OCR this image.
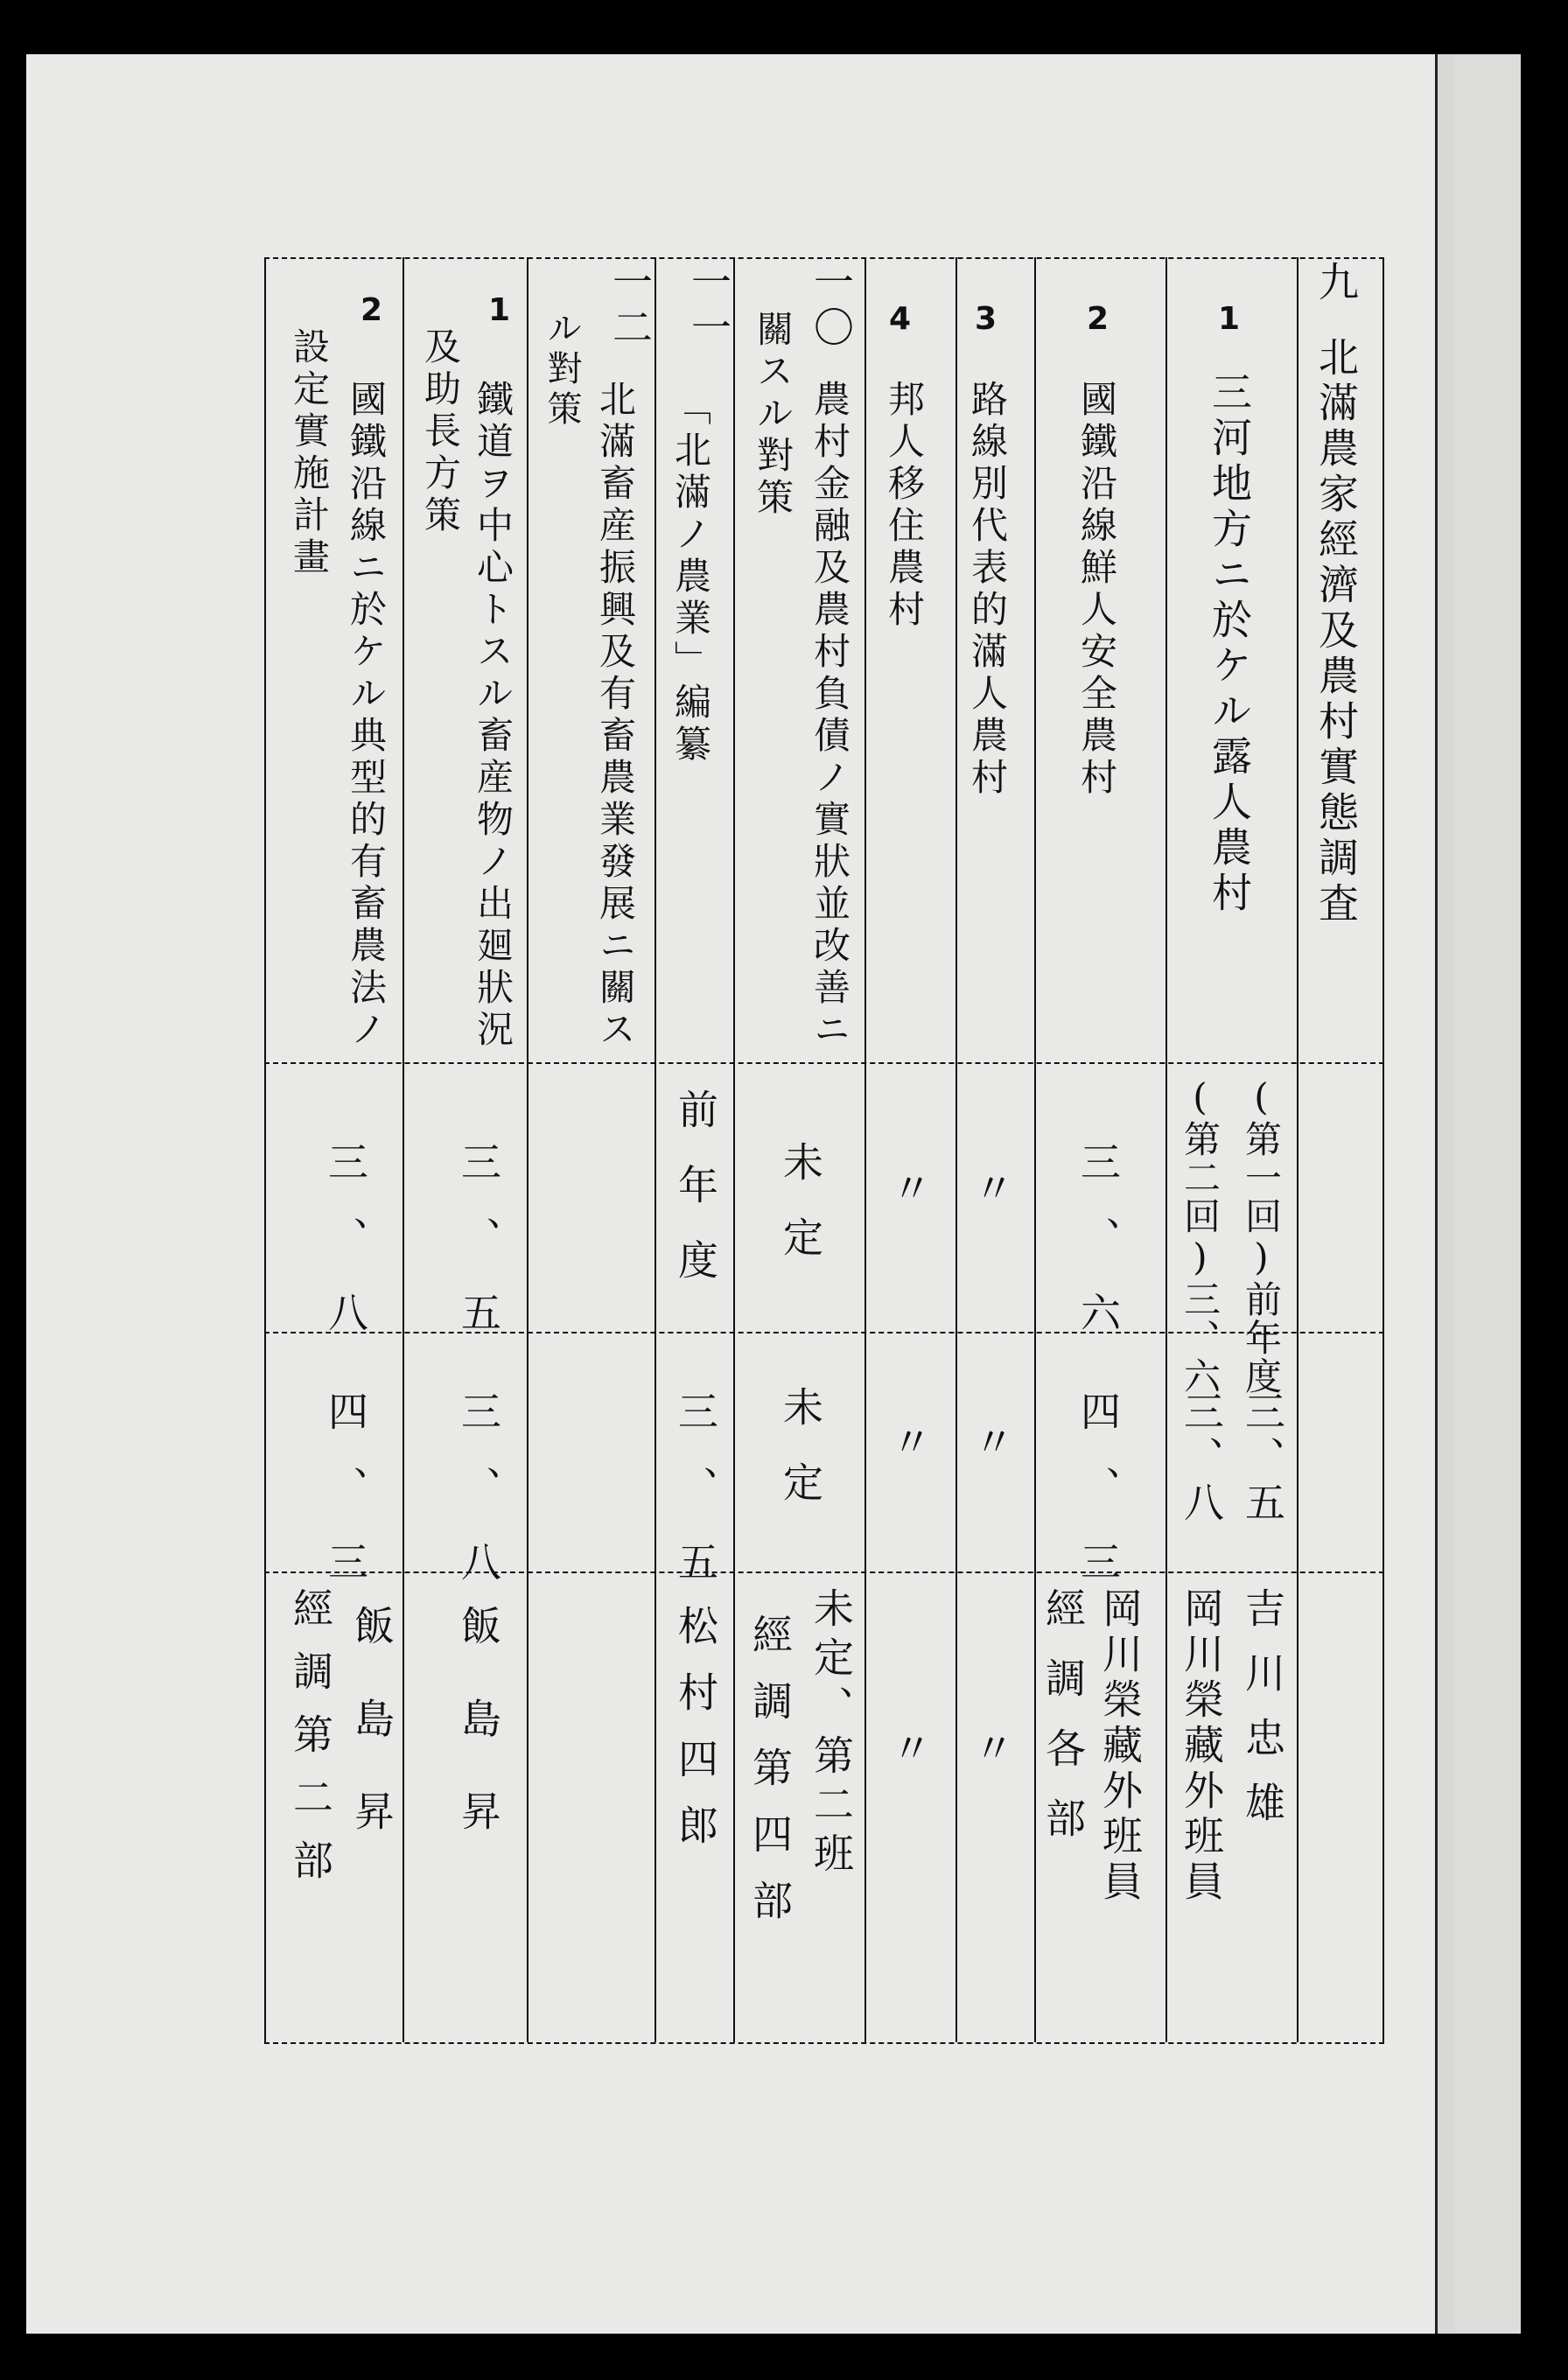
九
北滿農家經濟及農村實態調査
1
三河地方ニ於ケル露人農村
(第一回)前年度
(第二回)三、六
三、五
三、八
吉川忠雄
岡川榮藏外班員
2
國鐵沿線鮮人安全農村
三、六
四、三
岡川榮藏外班員
經調各部
3
路線別代表的滿人農村
〃
〃
〃
4
邦人移住農村
〃
〃
〃
一〇
農村金融及農村負債ノ實狀並改善ニ
關スル對策
未定
未定
未定、第二班
經調第四部
一一
「北滿ノ農業」編纂
前年度
三、五
松村四郎
一二
北滿畜産振興及有畜農業發展ニ關ス
ル對策
1
鐵道ヲ中心トスル畜産物ノ出廻狀況
及助長方策
三、五
三、八
飯島昇
2
國鐵沿線ニ於ケル典型的有畜農法ノ
設定實施計畫
三、八
四、三
飯島昇
經調第二部
